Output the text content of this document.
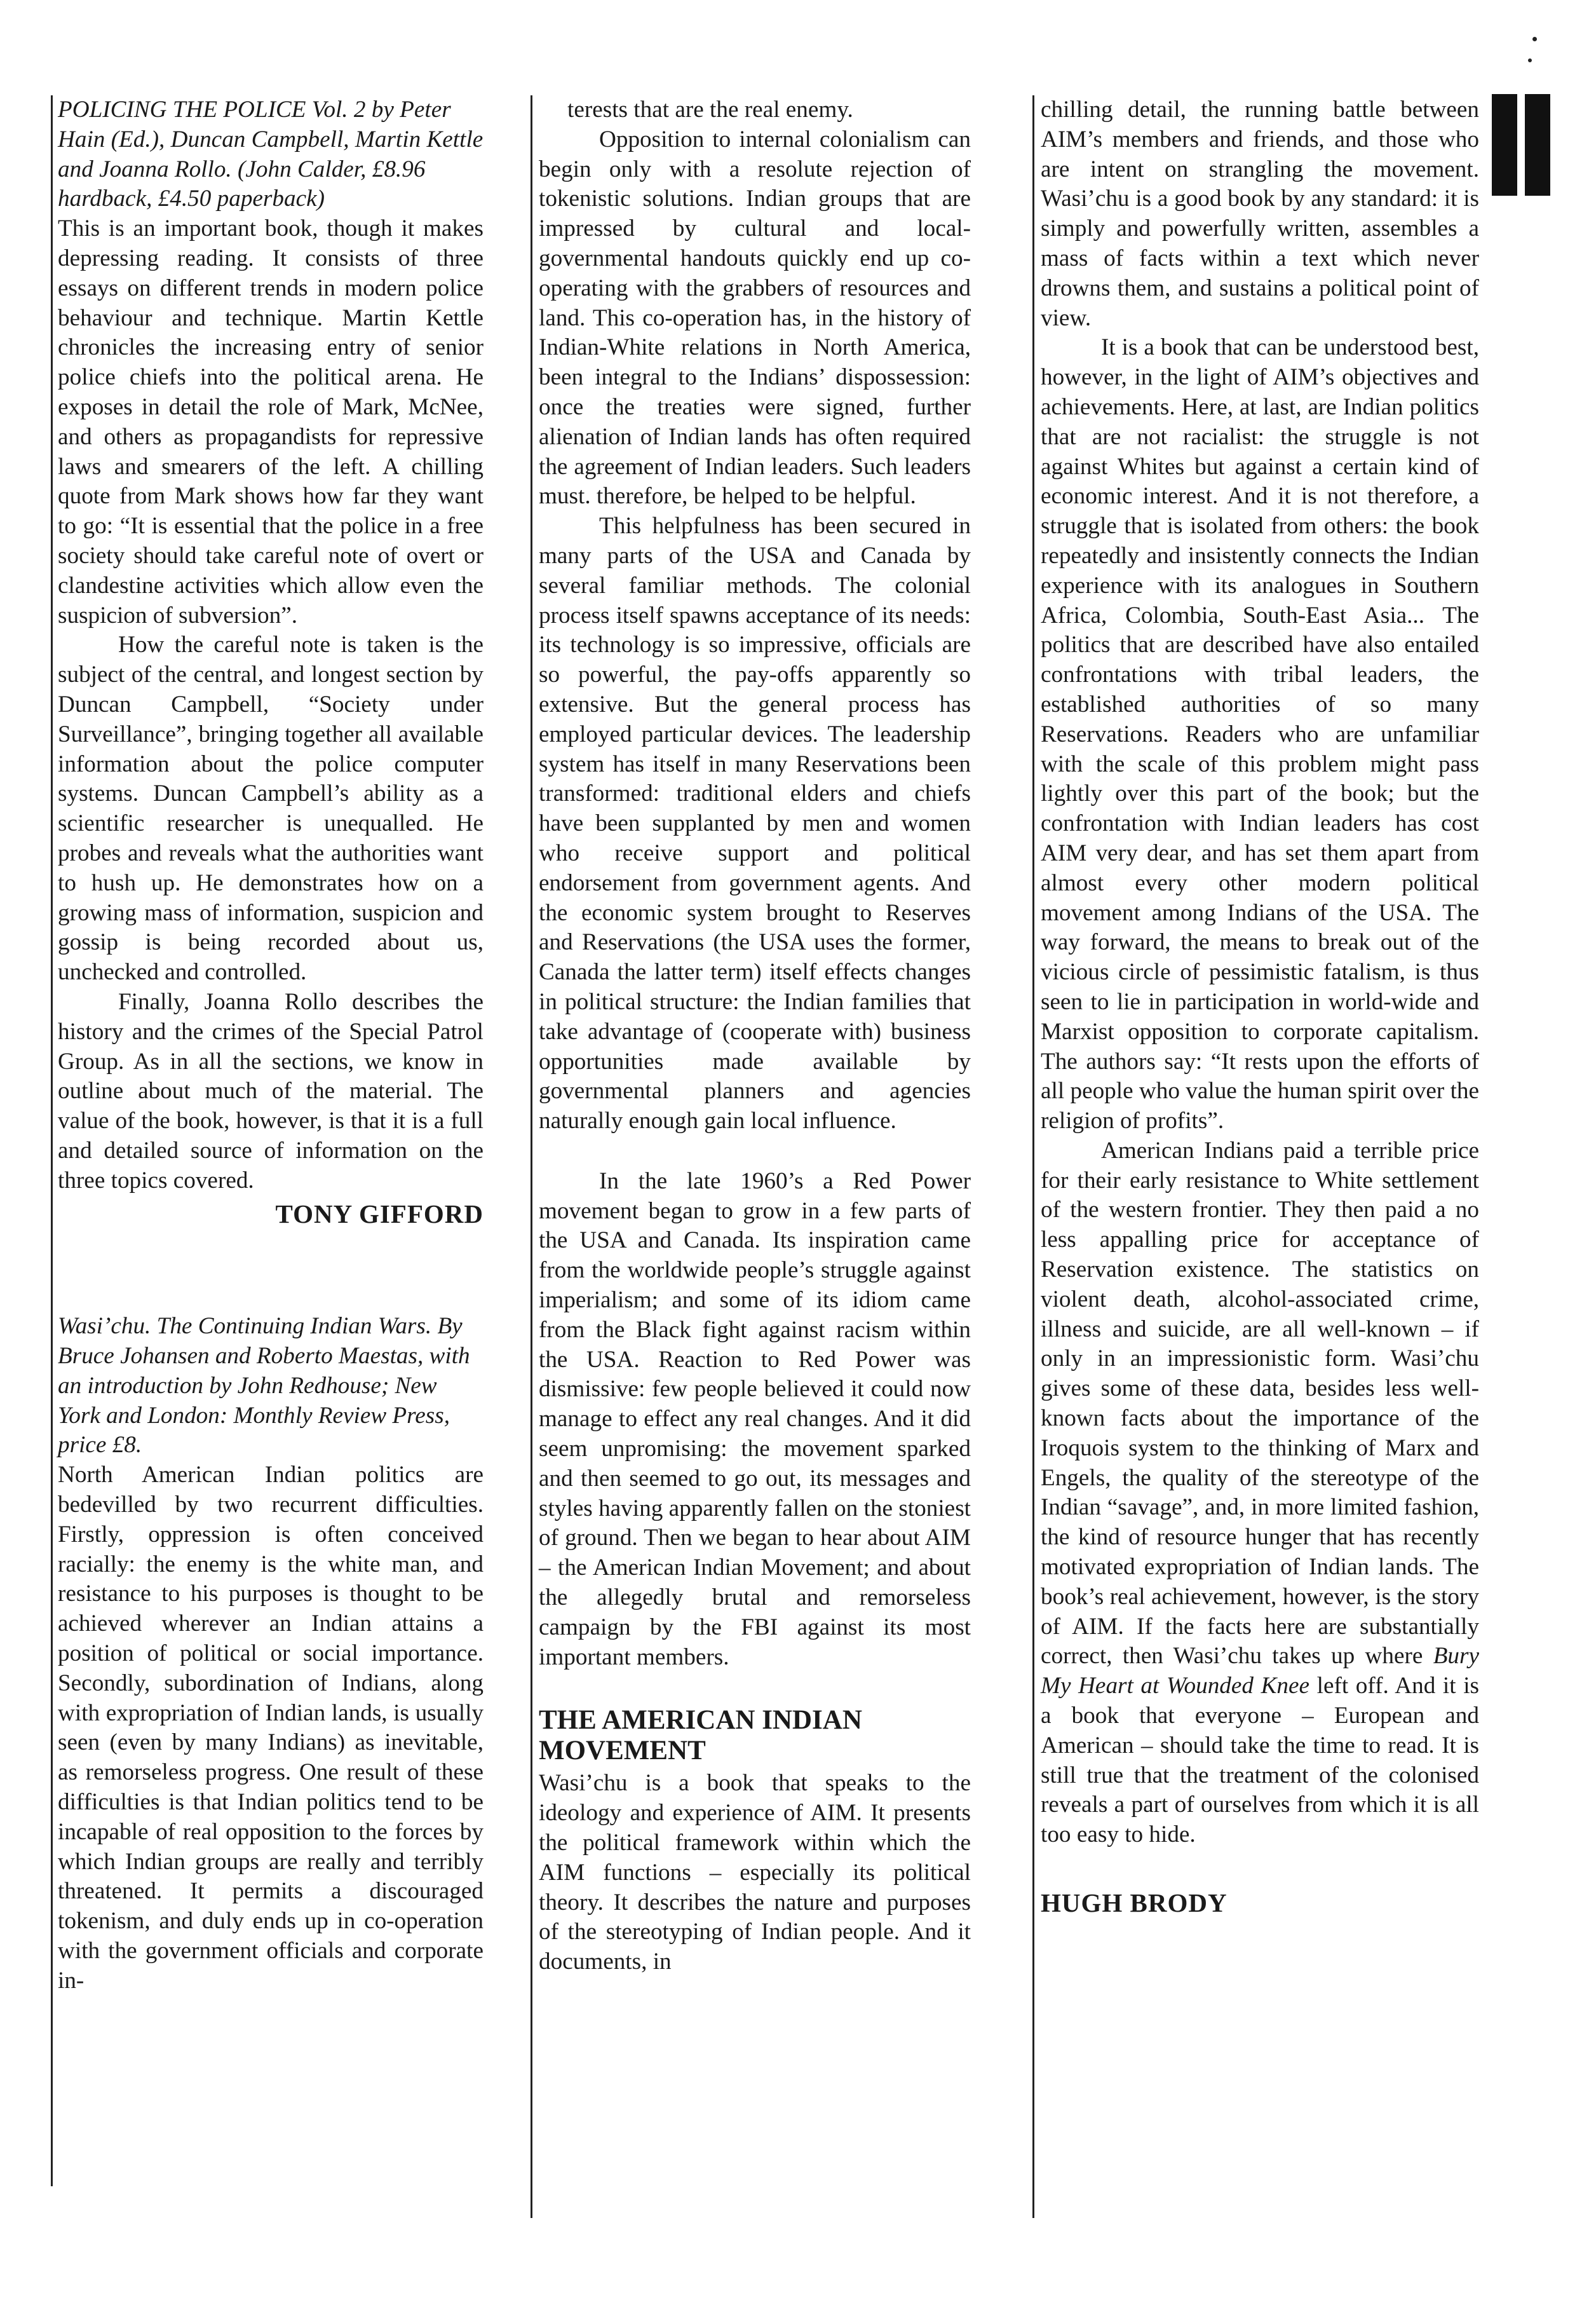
POLICING THE POLICE Vol. 2 by Peter Hain (Ed.), Duncan Campbell, Martin Kettle and Joanna Rollo. (John Calder, £8.96 hardback, £4.50 paperback)

This is an important book, though it makes depressing reading. It consists of three essays on different trends in modern police behaviour and technique. Martin Kettle chronicles the increasing entry of senior police chiefs into the political arena. He exposes in detail the role of Mark, McNee, and others as propagandists for repressive laws and smearers of the left. A chilling quote from Mark shows how far they want to go: “It is essential that the police in a free society should take careful note of overt or clandestine activities which allow even the suspicion of subversion”.

How the careful note is taken is the subject of the central, and longest section by Duncan Campbell, “Society under Surveillance”, bringing together all available information about the police computer systems. Duncan Campbell’s ability as a scientific researcher is unequalled. He probes and reveals what the authorities want to hush up. He demonstrates how on a growing mass of information, suspicion and gossip is being recorded about us, unchecked and controlled.

Finally, Joanna Rollo describes the history and the crimes of the Special Patrol Group. As in all the sections, we know in outline about much of the material. The value of the book, however, is that it is a full and detailed source of information on the three topics covered.

TONY GIFFORD

Wasi’chu. The Continuing Indian Wars. By Bruce Johansen and Roberto Maestas, with an introduction by John Redhouse; New York and London: Monthly Review Press, price £8.

North American Indian politics are bedevilled by two recurrent difficulties. Firstly, oppression is often conceived racially: the enemy is the white man, and resistance to his purposes is thought to be achieved wherever an Indian attains a position of political or social importance. Secondly, subordination of Indians, along with expropriation of Indian lands, is usually seen (even by many Indians) as inevitable, as remorseless progress. One result of these difficulties is that Indian politics tend to be incapable of real opposition to the forces by which Indian groups are really and terribly threatened. It permits a discouraged tokenism, and duly ends up in co-operation with the government officials and corporate in-

terests that are the real enemy.

Opposition to internal colonialism can begin only with a resolute rejection of tokenistic solutions. Indian groups that are impressed by cultural and local-governmental handouts quickly end up co-operating with the grabbers of resources and land. This co-operation has, in the history of Indian-White relations in North America, been integral to the Indians’ dispossession: once the treaties were signed, further alienation of Indian lands has often required the agreement of Indian leaders. Such leaders must. therefore, be helped to be helpful.

This helpfulness has been secured in many parts of the USA and Canada by several familiar methods. The colonial process itself spawns acceptance of its needs: its technology is so impressive, officials are so powerful, the pay-offs apparently so extensive. But the general process has employed particular devices. The leadership system has itself in many Reservations been transformed: traditional elders and chiefs have been supplanted by men and women who receive support and political endorsement from government agents. And the economic system brought to Reserves and Reservations (the USA uses the former, Canada the latter term) itself effects changes in political structure: the Indian families that take advantage of (cooperate with) business opportunities made available by governmental planners and agencies naturally enough gain local influence.

In the late 1960’s a Red Power movement began to grow in a few parts of the USA and Canada. Its inspiration came from the worldwide people’s struggle against imperialism; and some of its idiom came from the Black fight against racism within the USA. Reaction to Red Power was dismissive: few people believed it could now manage to effect any real changes. And it did seem unpromising: the movement sparked and then seemed to go out, its messages and styles having apparently fallen on the stoniest of ground. Then we began to hear about AIM – the American Indian Movement; and about the allegedly brutal and remorseless campaign by the FBI against its most important members.

THE AMERICAN INDIAN MOVEMENT

Wasi’chu is a book that speaks to the ideology and experience of AIM. It presents the political framework within which the AIM functions – especially its political theory. It describes the nature and purposes of the stereotyping of Indian people. And it documents, in

chilling detail, the running battle between AIM’s members and friends, and those who are intent on strangling the movement. Wasi’chu is a good book by any standard: it is simply and powerfully written, assembles a mass of facts within a text which never drowns them, and sustains a political point of view.

It is a book that can be understood best, however, in the light of AIM’s objectives and achievements. Here, at last, are Indian politics that are not racialist: the struggle is not against Whites but against a certain kind of economic interest. And it is not therefore, a struggle that is isolated from others: the book repeatedly and insistently connects the Indian experience with its analogues in Southern Africa, Colombia, South-East Asia... The politics that are described have also entailed confrontations with tribal leaders, the established authorities of so many Reservations. Readers who are unfamiliar with the scale of this problem might pass lightly over this part of the book; but the confrontation with Indian leaders has cost AIM very dear, and has set them apart from almost every other modern political movement among Indians of the USA. The way forward, the means to break out of the vicious circle of pessimistic fatalism, is thus seen to lie in participation in world-wide and Marxist opposition to corporate capitalism. The authors say: “It rests upon the efforts of all people who value the human spirit over the religion of profits”.

American Indians paid a terrible price for their early resistance to White settlement of the western frontier. They then paid a no less appalling price for acceptance of Reservation existence. The statistics on violent death, alcohol-associated crime, illness and suicide, are all well-known – if only in an impressionistic form. Wasi’chu gives some of these data, besides less well-known facts about the importance of the Iroquois system to the thinking of Marx and Engels, the quality of the stereotype of the Indian “savage”, and, in more limited fashion, the kind of resource hunger that has recently motivated expropriation of Indian lands. The book’s real achievement, however, is the story of AIM. If the facts here are substantially correct, then Wasi’chu takes up where Bury My Heart at Wounded Knee left off. And it is a book that everyone – European and American – should take the time to read. It is still true that the treatment of the colonised reveals a part of ourselves from which it is all too easy to hide.

HUGH BRODY
